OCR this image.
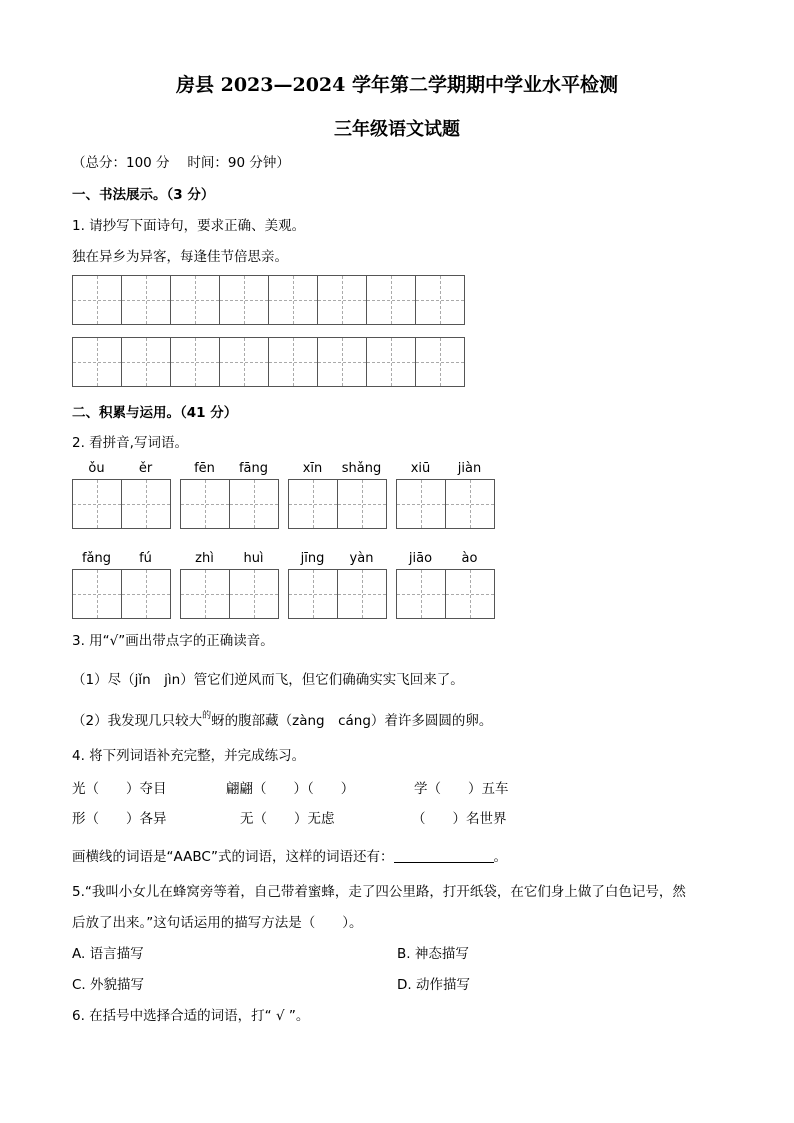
房县 2023—2024 学年第二学期期中学业水平检测
三年级语文试题
（总分：100 分　 时间：90 分钟）
一、书法展示。（3 分）
1. 请抄写下面诗句，要求正确、美观。
独在异乡为异客，每逢佳节倍思亲。
二、积累与运用。（41 分）
2. 看拼音,写词语。
ǒu	ěr	fēn	fāng	xīn	shǎng	xiū	jiàn
fǎng	fú	zhì	huì	jīng	yàn	jiāo	ào
3. 用“√”画出带点字的正确读音。
（1）尽（jǐn　jìn）管它们逆风而飞，但它们确确实实飞回来了。
（2）我发现几只较大$^的$蚜的腹部藏（zàng　cáng）着许多圆圆的卵。
4. 将下列词语补充完整，并完成练习。
光（　　）夺目	翩翩（　　）（　　）	学（　　）五车
形（　　）各异	无（　　）无虑	（　　）名世界
画横线的词语是“AABC”式的词语，这样的词语还有：	。
5.“我叫小女儿在蜂窝旁等着，自己带着蜜蜂，走了四公里路，打开纸袋，在它们身上做了白色记号，然
后放了出来。”这句话运用的描写方法是（　　）。
A. 语言描写	B. 神态描写
C. 外貌描写	D. 动作描写
6. 在括号中选择合适的词语，打“ √ ”。
